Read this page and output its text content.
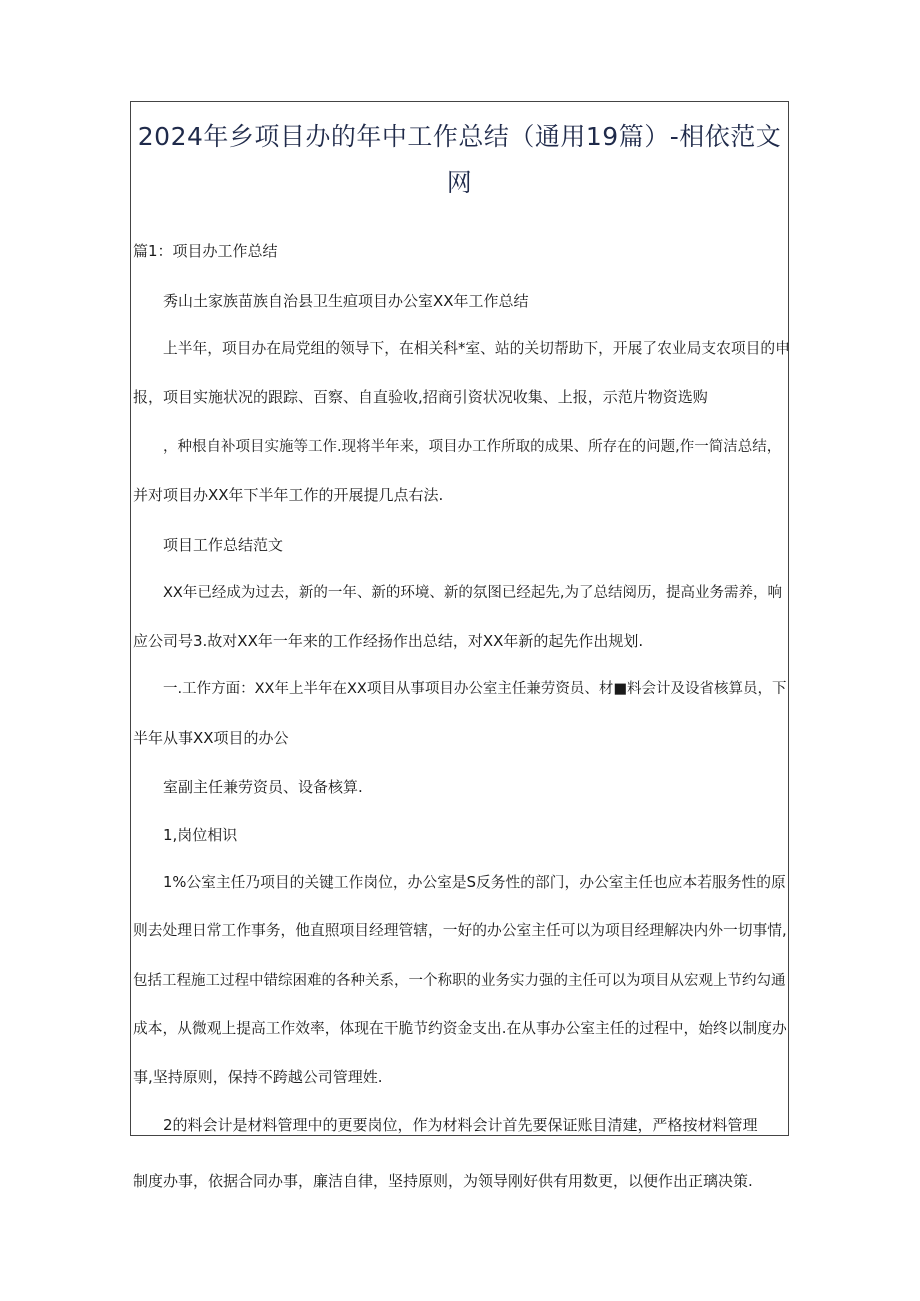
2024年乡项目办的年中工作总结（通用19篇）-相依范文
网

篇1：项目办工作总结

秀山土家族苗族自治县卫生疸项目办公室XX年工作总结

上半年，项目办在局党组的领导下，在相关科*室、站的关切帮助下，开展了农业局支农项目的申

报，项目实施状况的跟踪、百察、自直验收,招商引资状况收集、上报，示范片物资选购

，种根自补项目实施等工作.现将半年来，项目办工作所取的成果、所存在的问题,作一简洁总结，

并对项目办XX年下半年工作的开展提几点右法.

项目工作总结范文

XX年已经成为过去，新的一年、新的环境、新的氛图已经起先,为了总结阅历，提高业务需养，响

应公司号3.故对XX年一年来的工作经扬作出总结，对XX年新的起先作出规划.

一.工作方面：XX年上半年在XX项目从事项目办公室主任兼劳资员、材■料会计及设省核算员，下

半年从事XX项目的办公

室副主任兼劳资员、设备核算.

1,岗位相识

1%公室主任乃项目的关键工作岗位，办公室是S反务性的部门，办公室主任也应本若服务性的原

则去处理日常工作事务，他直照项目经理管辖，一好的办公室主任可以为项目经理解决内外一切事情,

包括工程施工过程中错综困难的各种关系，一个称职的业务实力强的主任可以为项目从宏观上节约勾通

成本，从微观上提高工作效率，体现在干脆节约资金支出.在从事办公室主任的过程中，始终以制度办

事,坚持原则，保持不跨越公司管理姓.

2的料会计是材料管理中的更要岗位，作为材料会计首先要保证账目清建，严格按材料管理

制度办事，依据合同办事，廉洁自律，坚持原则，为领导刚好供有用数更，以便作出正璃决策.
